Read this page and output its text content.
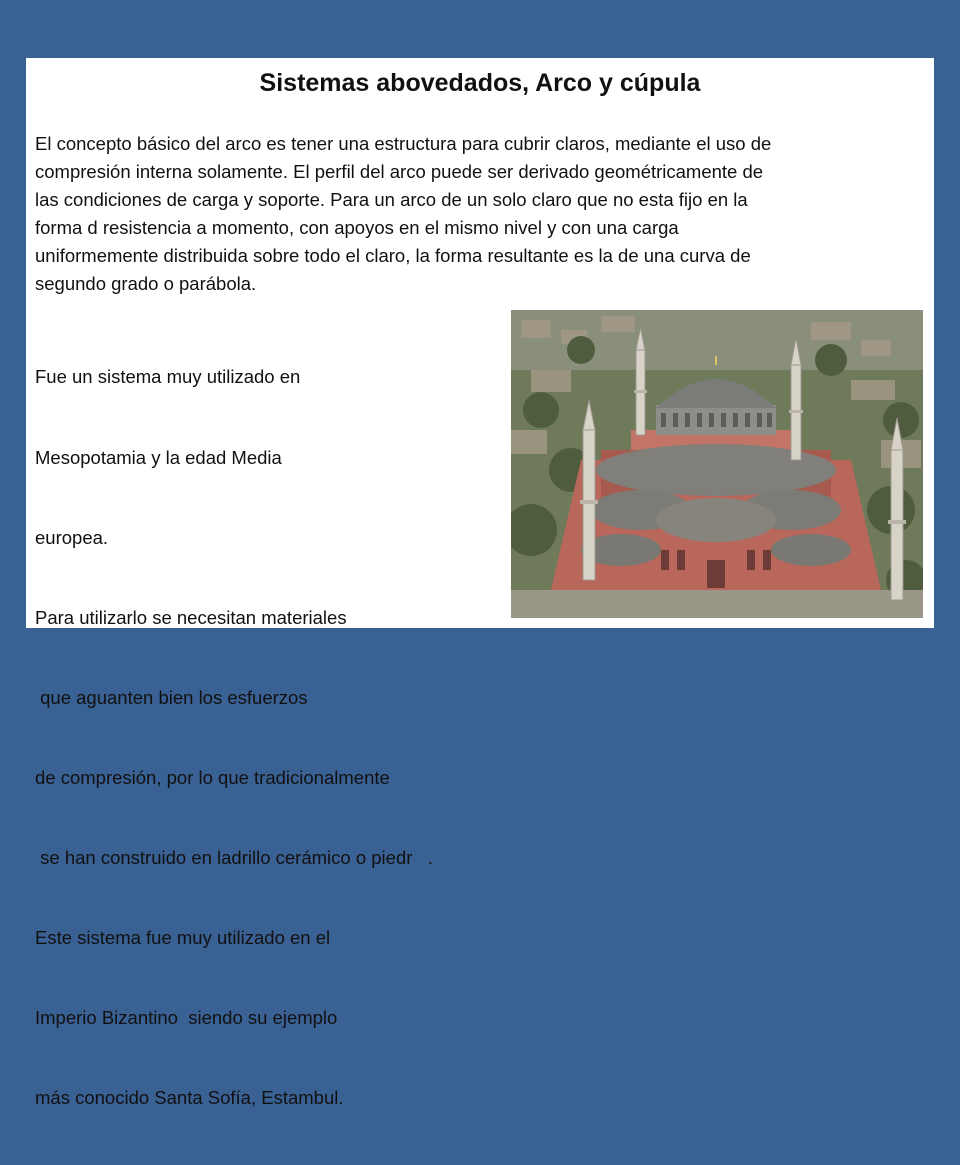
Sistemas abovedados, Arco y cúpula
El concepto básico del arco es tener una estructura para cubrir claros, mediante el uso de
compresión interna solamente. El perfil del arco puede ser derivado geométricamente de
las condiciones de carga y soporte. Para un arco de un solo claro que no esta fijo en la
forma d resistencia a momento, con apoyos en el mismo nivel y con una carga
uniformemente distribuida sobre todo el claro, la forma resultante es la de una curva de
segundo grado o parábola.

Fue un sistema muy utilizado en

Mesopotamia y la edad Media

europea.

Para utilizarlo se necesitan materiales

que aguanten bien los esfuerzos

de compresión, por lo que tradicionalmente

se han construido en ladrillo cerámico o piedr   .

Este sistema fue muy utilizado en el

Imperio Bizantino  siendo su ejemplo

más conocido Santa Sofía, Estambul.
